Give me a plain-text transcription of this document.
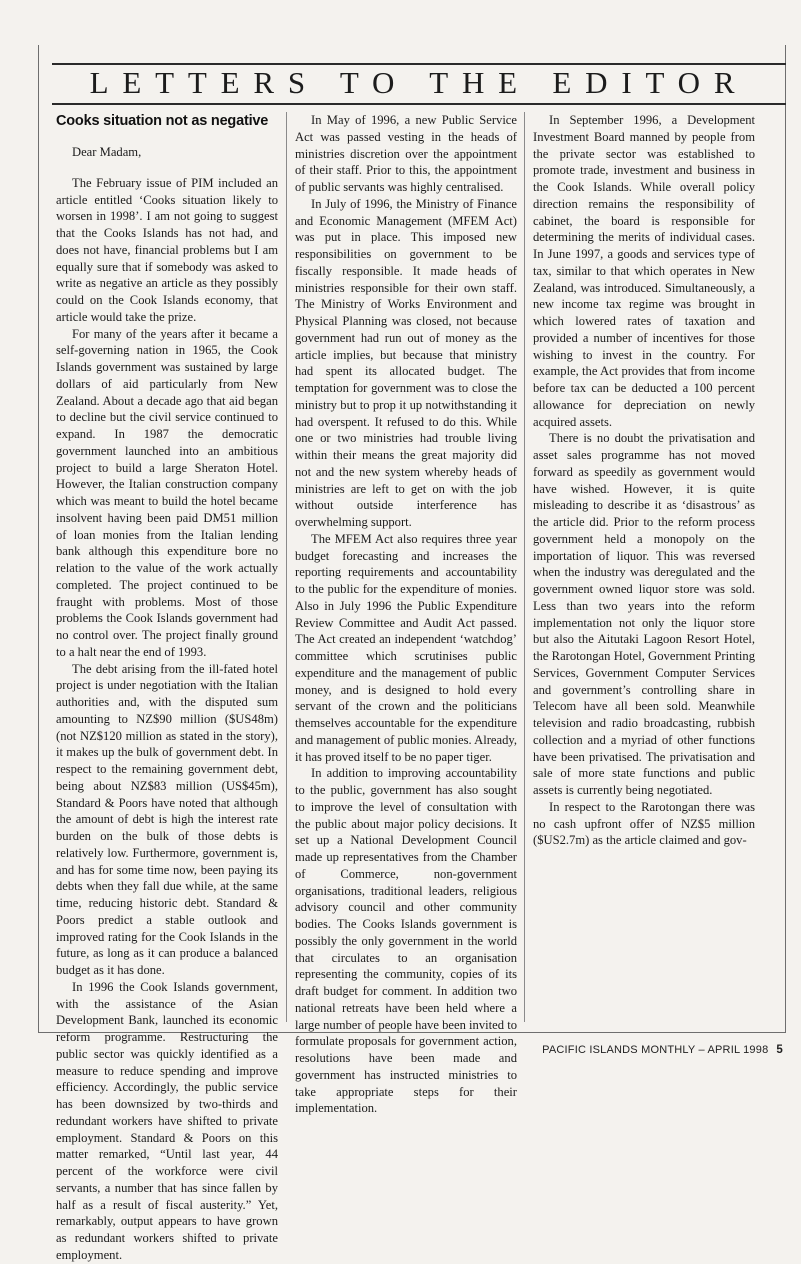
LETTERS TO THE EDITOR
Cooks situation not as negative

Dear Madam,

The February issue of PIM included an article entitled ‘Cooks situation likely to worsen in 1998’. I am not going to suggest that the Cooks Islands has not had, and does not have, financial problems but I am equally sure that if somebody was asked to write as negative an article as they possibly could on the Cook Islands economy, that article would take the prize.

For many of the years after it became a self-governing nation in 1965, the Cook Islands government was sustained by large dollars of aid particularly from New Zealand. About a decade ago that aid began to decline but the civil service continued to expand. In 1987 the democratic government launched into an ambitious project to build a large Sheraton Hotel. However, the Italian construction company which was meant to build the hotel became insolvent having been paid DM51 million of loan monies from the Italian lending bank although this expenditure bore no relation to the value of the work actually completed. The project continued to be fraught with problems. Most of those problems the Cook Islands government had no control over. The project finally ground to a halt near the end of 1993.

The debt arising from the ill-fated hotel project is under negotiation with the Italian authorities and, with the disputed sum amounting to NZ$90 million ($US48m) (not NZ$120 million as stated in the story), it makes up the bulk of government debt. In respect to the remaining government debt, being about NZ$83 million (US$45m), Standard & Poors have noted that although the amount of debt is high the interest rate burden on the bulk of those debts is relatively low. Furthermore, government is, and has for some time now, been paying its debts when they fall due while, at the same time, reducing historic debt. Standard & Poors predict a stable outlook and improved rating for the Cook Islands in the future, as long as it can produce a balanced budget as it has done.

In 1996 the Cook Islands government, with the assistance of the Asian Development Bank, launched its economic reform programme. Restructuring the public sector was quickly identified as a measure to reduce spending and improve efficiency. Accordingly, the public service has been downsized by two-thirds and redundant workers have shifted to private employment. Standard & Poors on this matter remarked, “Until last year, 44 percent of the workforce were civil servants, a number that has since fallen by half as a result of fiscal austerity.” Yet, remarkably, output appears to have grown as redundant workers shifted to private employment.

In May of 1996, a new Public Service Act was passed vesting in the heads of ministries discretion over the appointment of their staff. Prior to this, the appointment of public servants was highly centralised.

In July of 1996, the Ministry of Finance and Economic Management (MFEM Act) was put in place. This imposed new responsibilities on government to be fiscally responsible. It made heads of ministries responsible for their own staff. The Ministry of Works Environment and Physical Planning was closed, not because government had run out of money as the article implies, but because that ministry had spent its allocated budget. The temptation for government was to close the ministry but to prop it up notwithstanding it had overspent. It refused to do this. While one or two ministries had trouble living within their means the great majority did not and the new system whereby heads of ministries are left to get on with the job without outside interference has overwhelming support.

The MFEM Act also requires three year budget forecasting and increases the reporting requirements and accountability to the public for the expenditure of monies. Also in July 1996 the Public Expenditure Review Committee and Audit Act passed. The Act created an independent ‘watchdog’ committee which scrutinises public expenditure and the management of public money, and is designed to hold every servant of the crown and the politicians themselves accountable for the expenditure and management of public monies. Already, it has proved itself to be no paper tiger.

In addition to improving accountability to the public, government has also sought to improve the level of consultation with the public about major policy decisions. It set up a National Development Council made up representatives from the Chamber of Commerce, non-government organisations, traditional leaders, religious advisory council and other community bodies. The Cooks Islands government is possibly the only government in the world that circulates to an organisation representing the community, copies of its draft budget for comment. In addition two national retreats have been held where a large number of people have been invited to formulate proposals for government action, resolutions have been made and government has instructed ministries to take appropriate steps for their implementation.

In September 1996, a Development Investment Board manned by people from the private sector was established to promote trade, investment and business in the Cook Islands. While overall policy direction remains the responsibility of cabinet, the board is responsible for determining the merits of individual cases. In June 1997, a goods and services type of tax, similar to that which operates in New Zealand, was introduced. Simultaneously, a new income tax regime was brought in which lowered rates of taxation and provided a number of incentives for those wishing to invest in the country. For example, the Act provides that from income before tax can be deducted a 100 percent allowance for depreciation on newly acquired assets.

There is no doubt the privatisation and asset sales programme has not moved forward as speedily as government would have wished. However, it is quite misleading to describe it as ‘disastrous’ as the article did. Prior to the reform process government held a monopoly on the importation of liquor. This was reversed when the industry was deregulated and the government owned liquor store was sold. Less than two years into the reform implementation not only the liquor store but also the Aitutaki Lagoon Resort Hotel, the Rarotongan Hotel, Government Printing Services, Government Computer Services and government’s controlling share in Telecom have all been sold. Meanwhile television and radio broadcasting, rubbish collection and a myriad of other functions have been privatised. The privatisation and sale of more state functions and public assets is currently being negotiated.

In respect to the Rarotongan there was no cash upfront offer of NZ$5 million ($US2.7m) as the article claimed and gov-

PACIFIC ISLANDS MONTHLY – APRIL 1998 5
